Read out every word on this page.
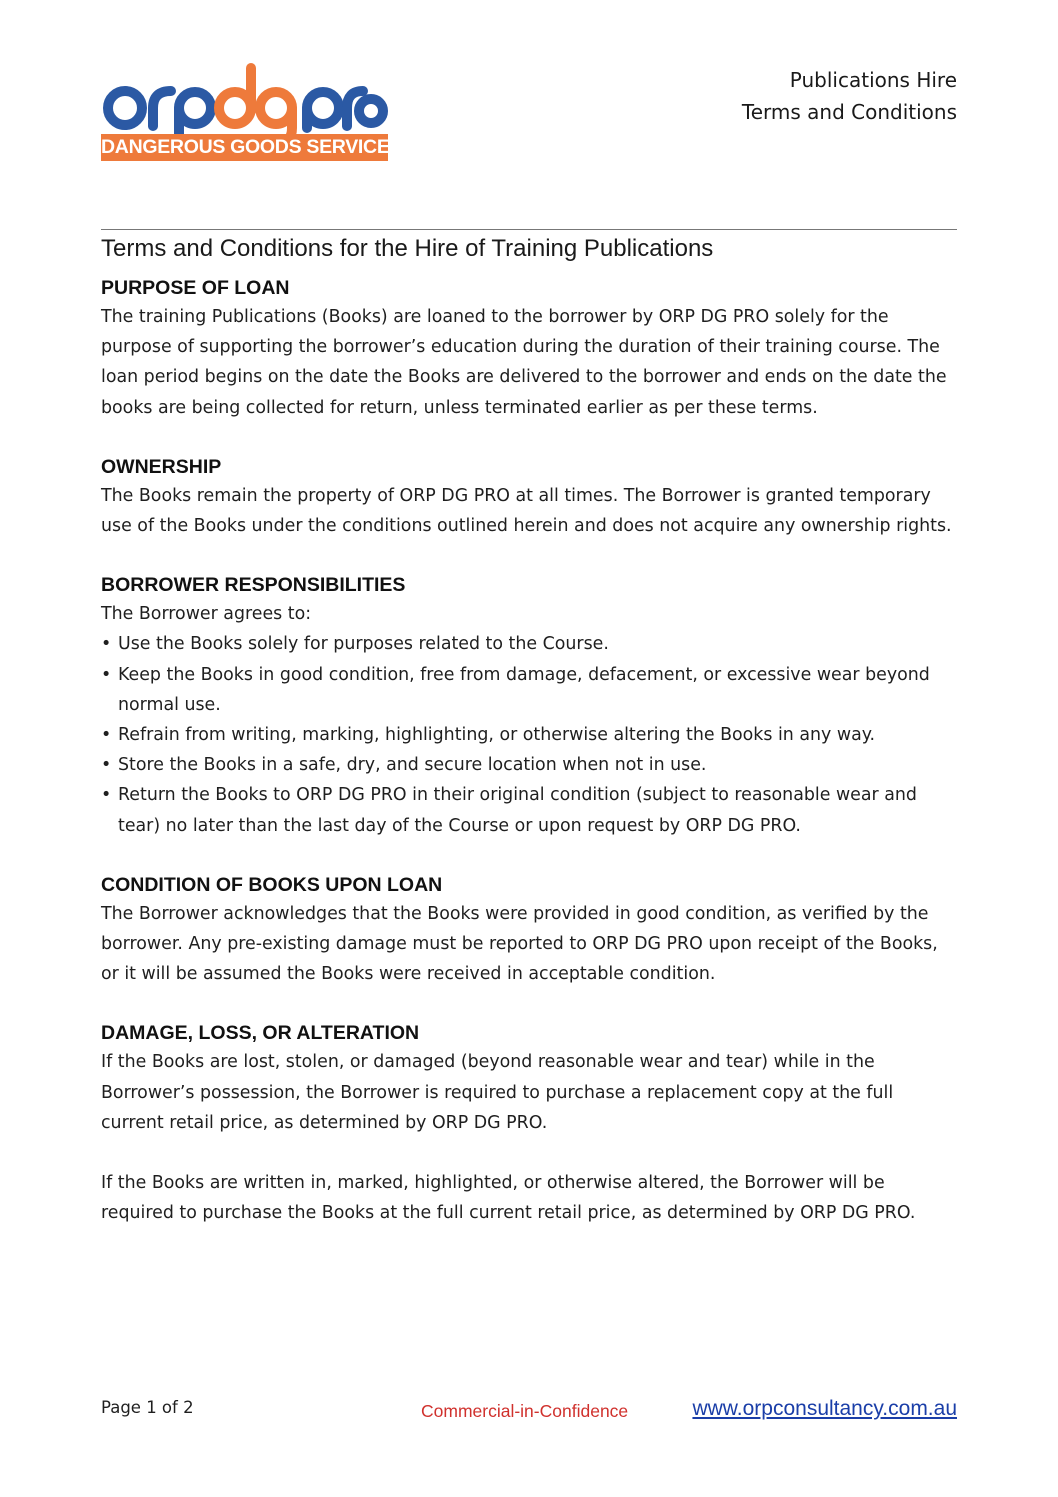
DANGEROUS GOODS SERVICES
Publications Hire
Terms and Conditions
Terms and Conditions for the Hire of Training Publications
PURPOSE OF LOAN

The training Publications (Books) are loaned to the borrower by ORP DG PRO solely for the purpose of supporting the borrower’s education during the duration of their training course. The loan period begins on the date the Books are delivered to the borrower and ends on the date the books are being collected for return, unless terminated earlier as per these terms.

OWNERSHIP

The Books remain the property of ORP DG PRO at all times. The Borrower is granted temporary use of the Books under the conditions outlined herein and does not acquire any ownership rights.

BORROWER RESPONSIBILITIES

The Borrower agrees to:

• Use the Books solely for purposes related to the Course.
• Keep the Books in good condition, free from damage, defacement, or excessive wear beyond normal use.
• Refrain from writing, marking, highlighting, or otherwise altering the Books in any way.
• Store the Books in a safe, dry, and secure location when not in use.
• Return the Books to ORP DG PRO in their original condition (subject to reasonable wear and tear) no later than the last day of the Course or upon request by ORP DG PRO.
CONDITION OF BOOKS UPON LOAN

The Borrower acknowledges that the Books were provided in good condition, as verified by the borrower. Any pre-existing damage must be reported to ORP DG PRO upon receipt of the Books, or it will be assumed the Books were received in acceptable condition.

DAMAGE, LOSS, OR ALTERATION

If the Books are lost, stolen, or damaged (beyond reasonable wear and tear) while in the Borrower’s possession, the Borrower is required to purchase a replacement copy at the full current retail price, as determined by ORP DG PRO.

If the Books are written in, marked, highlighted, or otherwise altered, the Borrower will be required to purchase the Books at the full current retail price, as determined by ORP DG PRO.

Page 1 of 2	Commercial-in-Confidence	www.orpconsultancy.com.au
